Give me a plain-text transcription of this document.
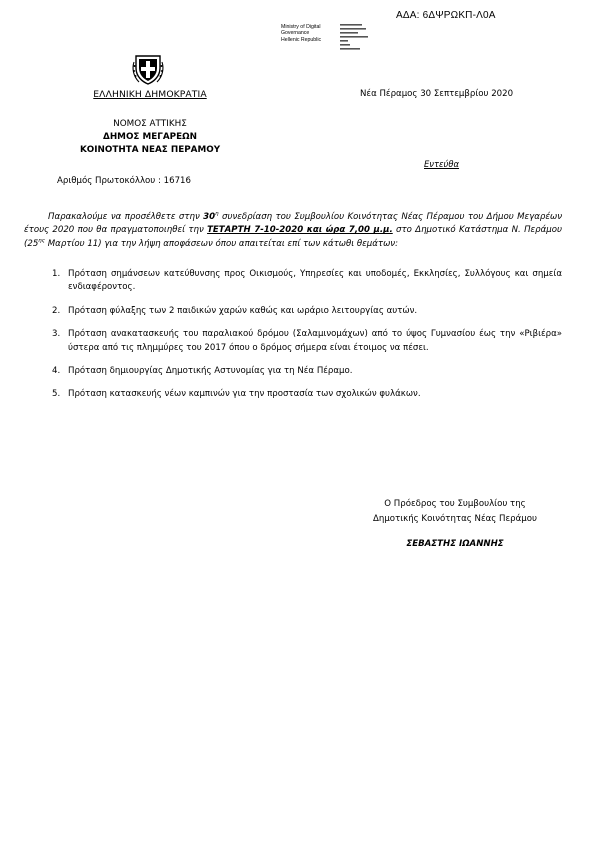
ΑΔΑ: 6ΔΨΡΩΚΠ-Λ0Α
Ministry of Digital
Governance
Hellenic Republic
ΕΛΛΗΝΙΚΗ ΔΗΜΟΚΡΑΤΙΑ	Νέα Πέραμος 30 Σεπτεμβρίου 2020
ΝΟΜΟΣ ΑΤΤΙΚΗΣ
ΔΗΜΟΣ ΜΕΓΑΡΕΩΝ
ΚΟΙΝΟΤΗΤΑ ΝΕΑΣ ΠΕΡΑΜΟΥ
Εντεύθα
Αριθμός Πρωτοκόλλου : 16716
Παρακαλούμε να προσέλθετε στην $30^\eta$ συνεδρίαση του Συμβουλίου Κοινότητας Νέας Πέραμου του Δήμου Μεγαρέων έτους 2020 που θα πραγματοποιηθεί την ΤΕΤΑΡΤΗ 7-10-2020 και ώρα 7,00 μ.μ. στο Δημοτικό Κατάστημα Ν. Περάμου ($25^{\eta\varsigma}$ Μαρτίου 11) για την λήψη αποφάσεων όπου απαιτείται επί των κάτωθι θεμάτων:
1. Πρόταση σημάνσεων κατεύθυνσης προς Οικισμούς, Υπηρεσίες και υποδομές, Εκκλησίες, Συλλόγους και σημεία ενδιαφέροντος.
2. Πρόταση φύλαξης των 2 παιδικών χαρών καθώς και ωράριο λειτουργίας αυτών.
3. Πρόταση ανακατασκευής του παραλιακού δρόμου (Σαλαμινομάχων) από το ύψος Γυμνασίου έως την «Ριβιέρα» ύστερα από τις πλημμύρες του 2017 όπου ο δρόμος σήμερα είναι έτοιμος να πέσει.
4. Πρόταση δημιουργίας Δημοτικής Αστυνομίας για τη Νέα Πέραμο.
5. Πρόταση κατασκευής νέων καμπινών για την προστασία των σχολικών φυλάκων.
Ο Πρόεδρος του Συμβουλίου της
Δημοτικής Κοινότητας Νέας Περάμου
ΣΕΒΑΣΤΗΣ ΙΩΑΝΝΗΣ
